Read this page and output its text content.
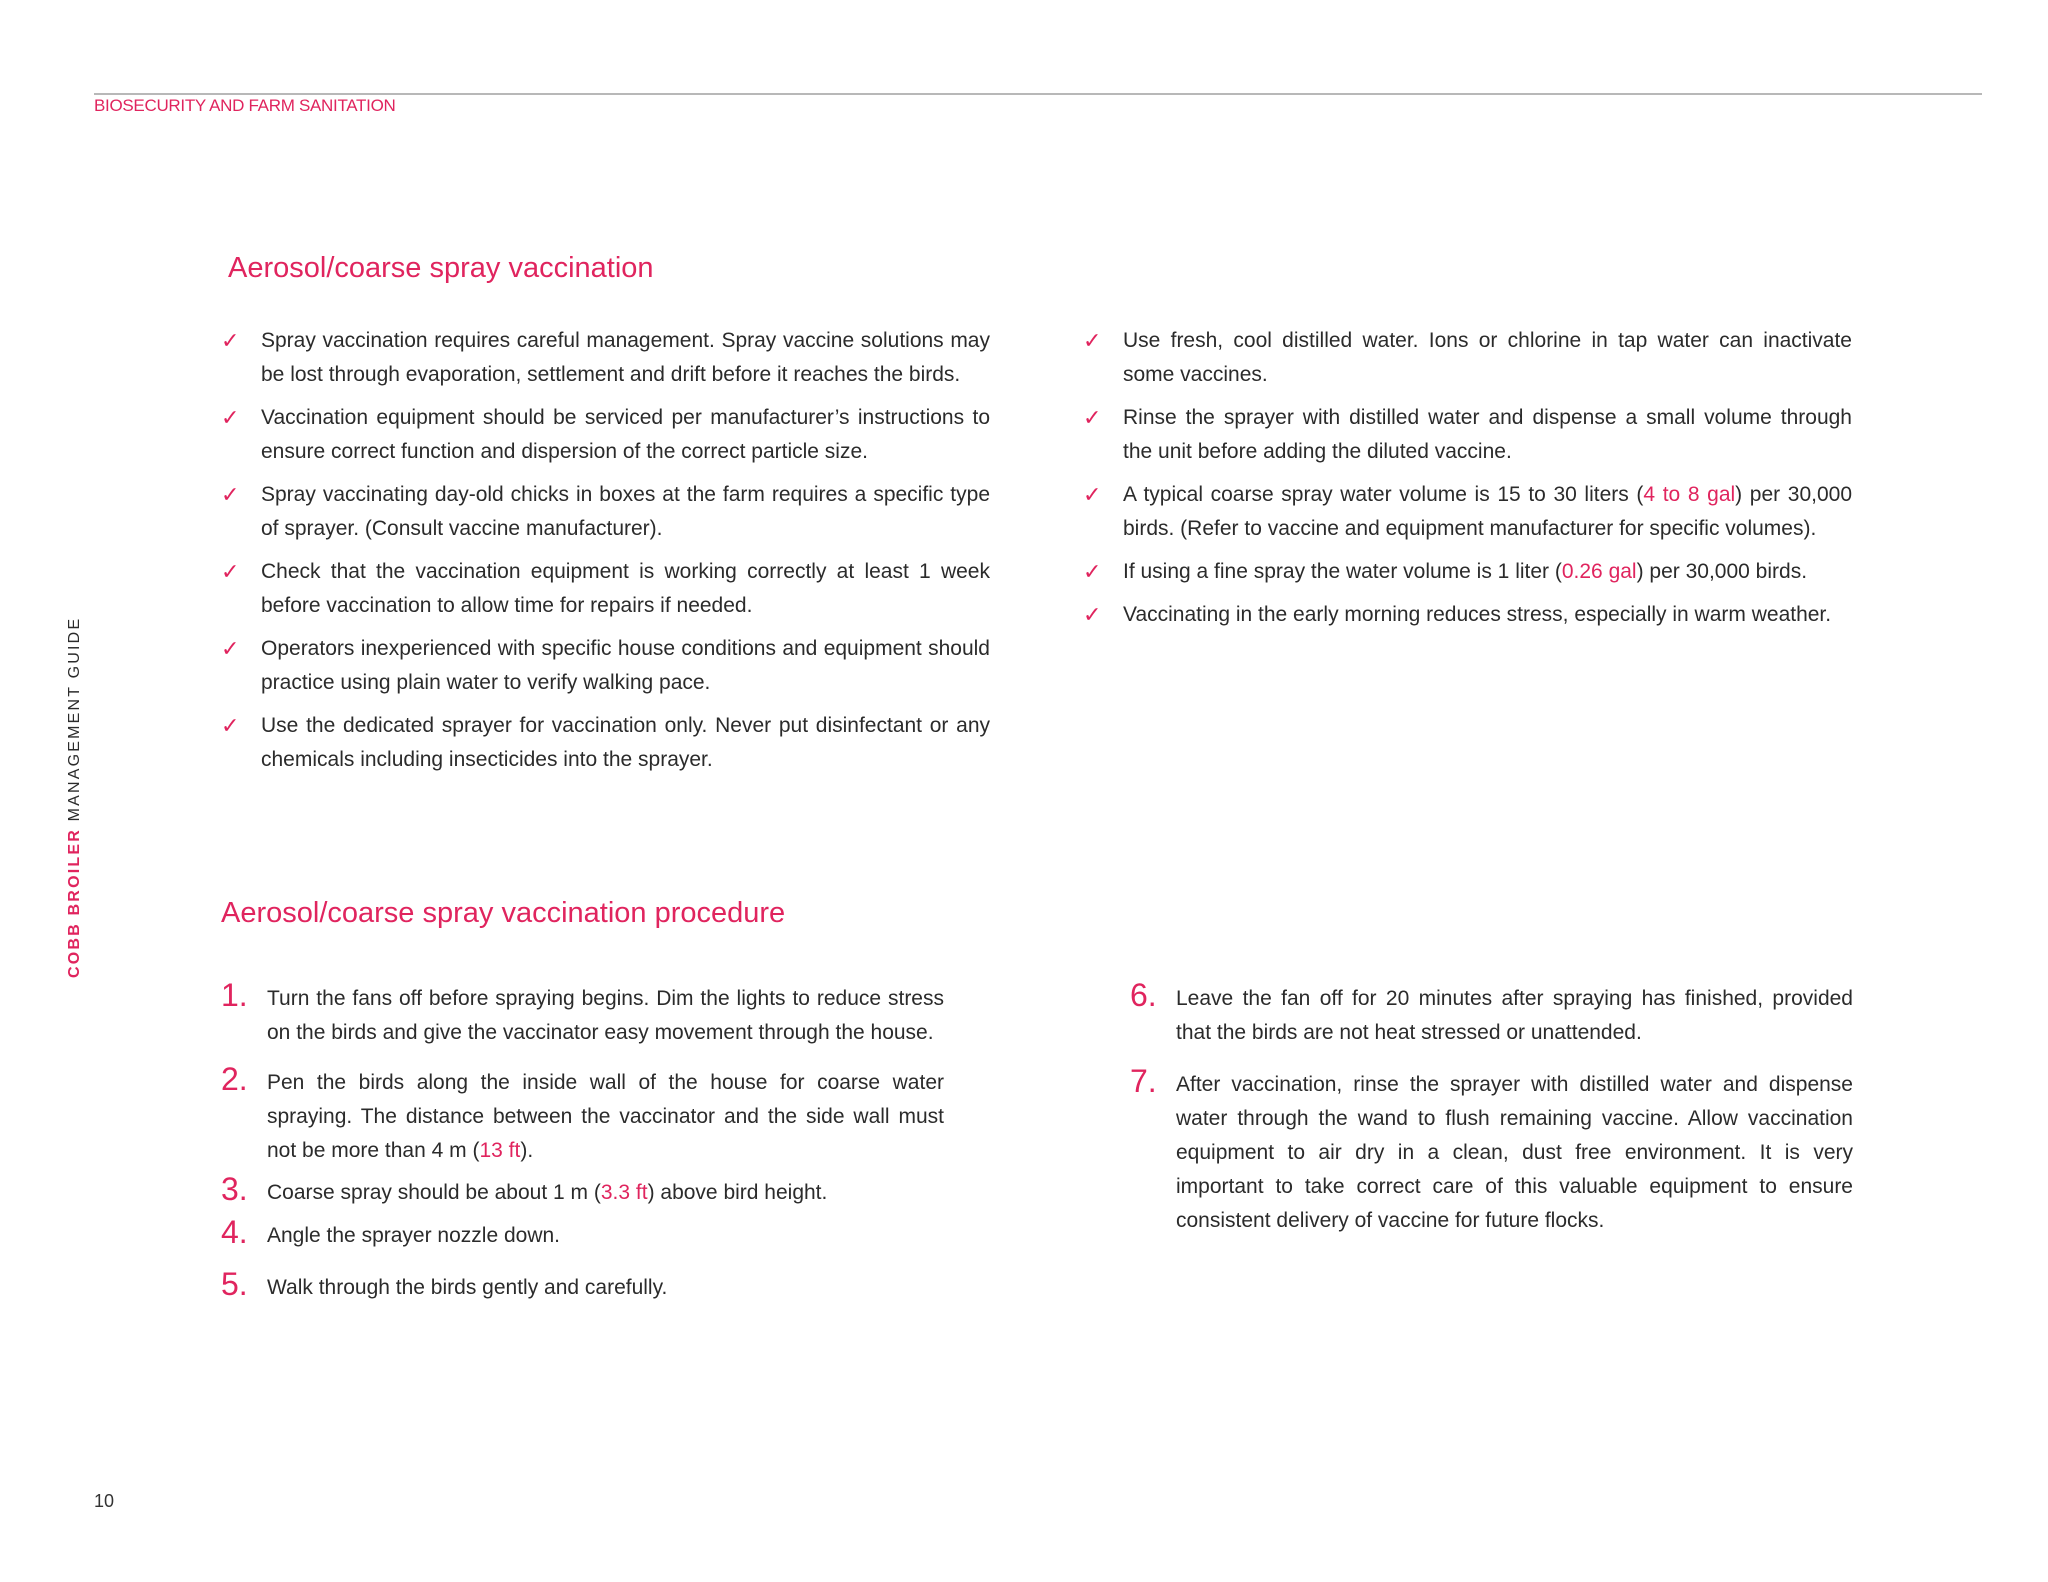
BIOSECURITY AND FARM SANITATION
COBB BROILER MANAGEMENT GUIDE
Aerosol/coarse spray vaccination
✓ Spray vaccination requires careful management. Spray vaccine solutions may be lost through evaporation, settlement and drift before it reaches the birds.
✓ Vaccination equipment should be serviced per manufacturer’s instructions to ensure correct function and dispersion of the correct particle size.
✓ Spray vaccinating day-old chicks in boxes at the farm requires a specific type of sprayer. (Consult vaccine manufacturer).
✓ Check that the vaccination equipment is working correctly at least 1 week before vaccination to allow time for repairs if needed.
✓ Operators inexperienced with specific house conditions and equipment should practice using plain water to verify walking pace.
✓ Use the dedicated sprayer for vaccination only. Never put disinfectant or any chemicals including insecticides into the sprayer.
✓ Use fresh, cool distilled water. Ions or chlorine in tap water can inactivate some vaccines.
✓ Rinse the sprayer with distilled water and dispense a small volume through the unit before adding the diluted vaccine.
✓ A typical coarse spray water volume is 15 to 30 liters (4 to 8 gal) per 30,000 birds. (Refer to vaccine and equipment manufacturer for specific volumes).
✓ If using a fine spray the water volume is 1 liter (0.26 gal) per 30,000 birds.
✓ Vaccinating in the early morning reduces stress, especially in warm weather.
Aerosol/coarse spray vaccination procedure
1. Turn the fans off before spraying begins. Dim the lights to reduce stress on the birds and give the vaccinator easy movement through the house.
2. Pen the birds along the inside wall of the house for coarse water spraying. The distance between the vaccinator and the side wall must not be more than 4 m (13 ft).
3. Coarse spray should be about 1 m (3.3 ft) above bird height.
4. Angle the sprayer nozzle down.
5. Walk through the birds gently and carefully.
6. Leave the fan off for 20 minutes after spraying has finished, provided that the birds are not heat stressed or unattended.
7. After vaccination, rinse the sprayer with distilled water and dispense water through the wand to flush remaining vaccine. Allow vaccination equipment to air dry in a clean, dust free environment. It is very important to take correct care of this valuable equipment to ensure consistent delivery of vaccine for future flocks.
10
